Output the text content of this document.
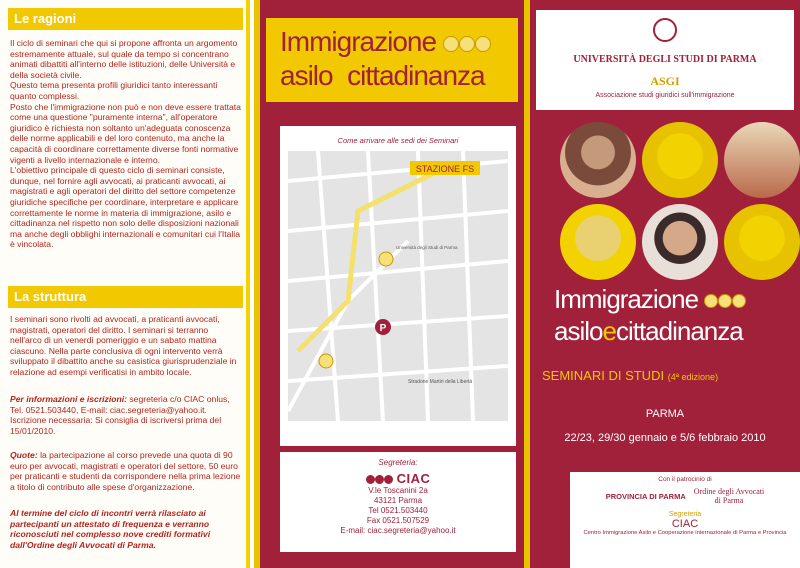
Le ragioni

Il ciclo di seminari che qui si propone affronta un argomento estremamente attuale, sul quale da tempo si concentrano animati dibattiti all'interno delle istituzioni, delle Università e della società civile.

Questo tema presenta profili giuridici tanto interessanti quanto complessi.

Posto che l'immigrazione non può e non deve essere trattata come una questione "puramente interna", all'operatore giuridico è richiesta non soltanto un'adeguata conoscenza delle norme applicabili e del loro contenuto, ma anche la capacità di coordinare correttamente diverse fonti normative vigenti a livello internazionale e interno.

L'obiettivo principale di questo ciclo di seminari consiste, dunque, nel fornire agli avvocati, ai praticanti avvocati, ai magistrati e agli operatori del diritto del settore competenze giuridiche specifiche per coordinare, interpretare e applicare correttamente le norme in materia di immigrazione, asilo e cittadinanza nel rispetto non solo delle disposizioni nazionali ma anche degli obblighi internazionali e comunitari cui l'Italia è vincolata.

La struttura

I seminari sono rivolti ad avvocati, a praticanti avvocati, magistrati, operatori del diritto. I seminari si terranno nell'arco di un venerdì pomeriggio e un sabato mattina ciascuno. Nella parte conclusiva di ogni intervento verrà sviluppato il dibattito anche su casistica giurisprudenziale in relazione ad esempi verificatisi in ambito locale.

Per informazioni e iscrizioni: segreteria c/o CIAC onlus, Tel. 0521.503440, E-mail: ciac.segreteria@yahoo.it. Iscrizione necessaria: Si consiglia di iscriversi prima del 15/01/2010.

Quote: la partecipazione al corso prevede una quota di 90 euro per avvocati, magistrati e operatori del settore, 50 euro per praticanti e studenti da corrispondere nella prima lezione a titolo di contributo alle spese d'organizzazione.

Al termine del ciclo di incontri verrà rilasciato ai partecipanti un attestato di frequenza e verranno riconosciuti nel complesso nove crediti formativi dall'Ordine degli Avvocati di Parma.
Immigrazione
asiloecittadinanza
Come arrivare alle sedi dei Seminari
STAZIONE FS
Università degli Studi di Parma
P
Stradone Martiri della Libertà
Segreteria:
CIAC
V.le Toscanini 2a
43121 Parma
Tel 0521.503440
Fax 0521.507529
E-mail: ciac.segreteria@yahoo.it
UNIVERSITÀ DEGLI STUDI DI PARMA
ASGI
Associazione studi giuridici sull'immigrazione
Immigrazione
asiloecittadinanza
SEMINARI DI STUDI (4ª edizione)
PARMA
22/23, 29/30 gennaio e 5/6 febbraio 2010
Con il patrocinio di
PROVINCIA DI PARMA Ordine degli Avvocati
di Parma
Segreteria
CIAC
Centro Immigrazione Asilo e Cooperazione internazionale di Parma e Provincia
